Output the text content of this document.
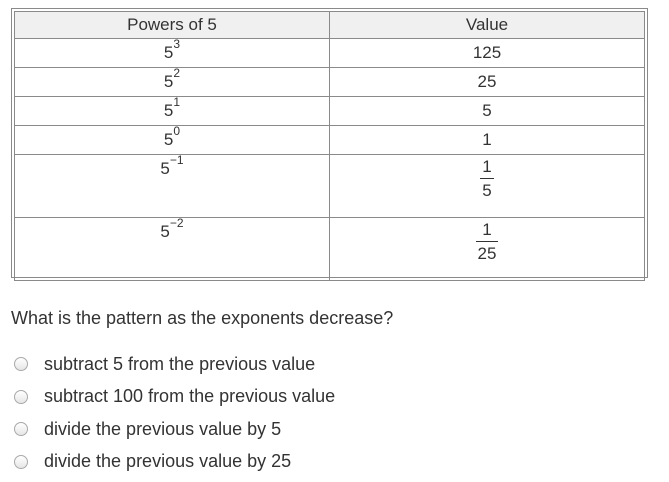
Powers of 5	Value
$5^3$	125
$5^2$	25
$5^1$	5
$5^0$	1
$5^{-1}$	$\frac{1}{5}$

$5^{-2}$	$\frac{1}{25}$
What is the pattern as the exponents decrease?
subtract 5 from the previous value
subtract 100 from the previous value
divide the previous value by 5
divide the previous value by 25
